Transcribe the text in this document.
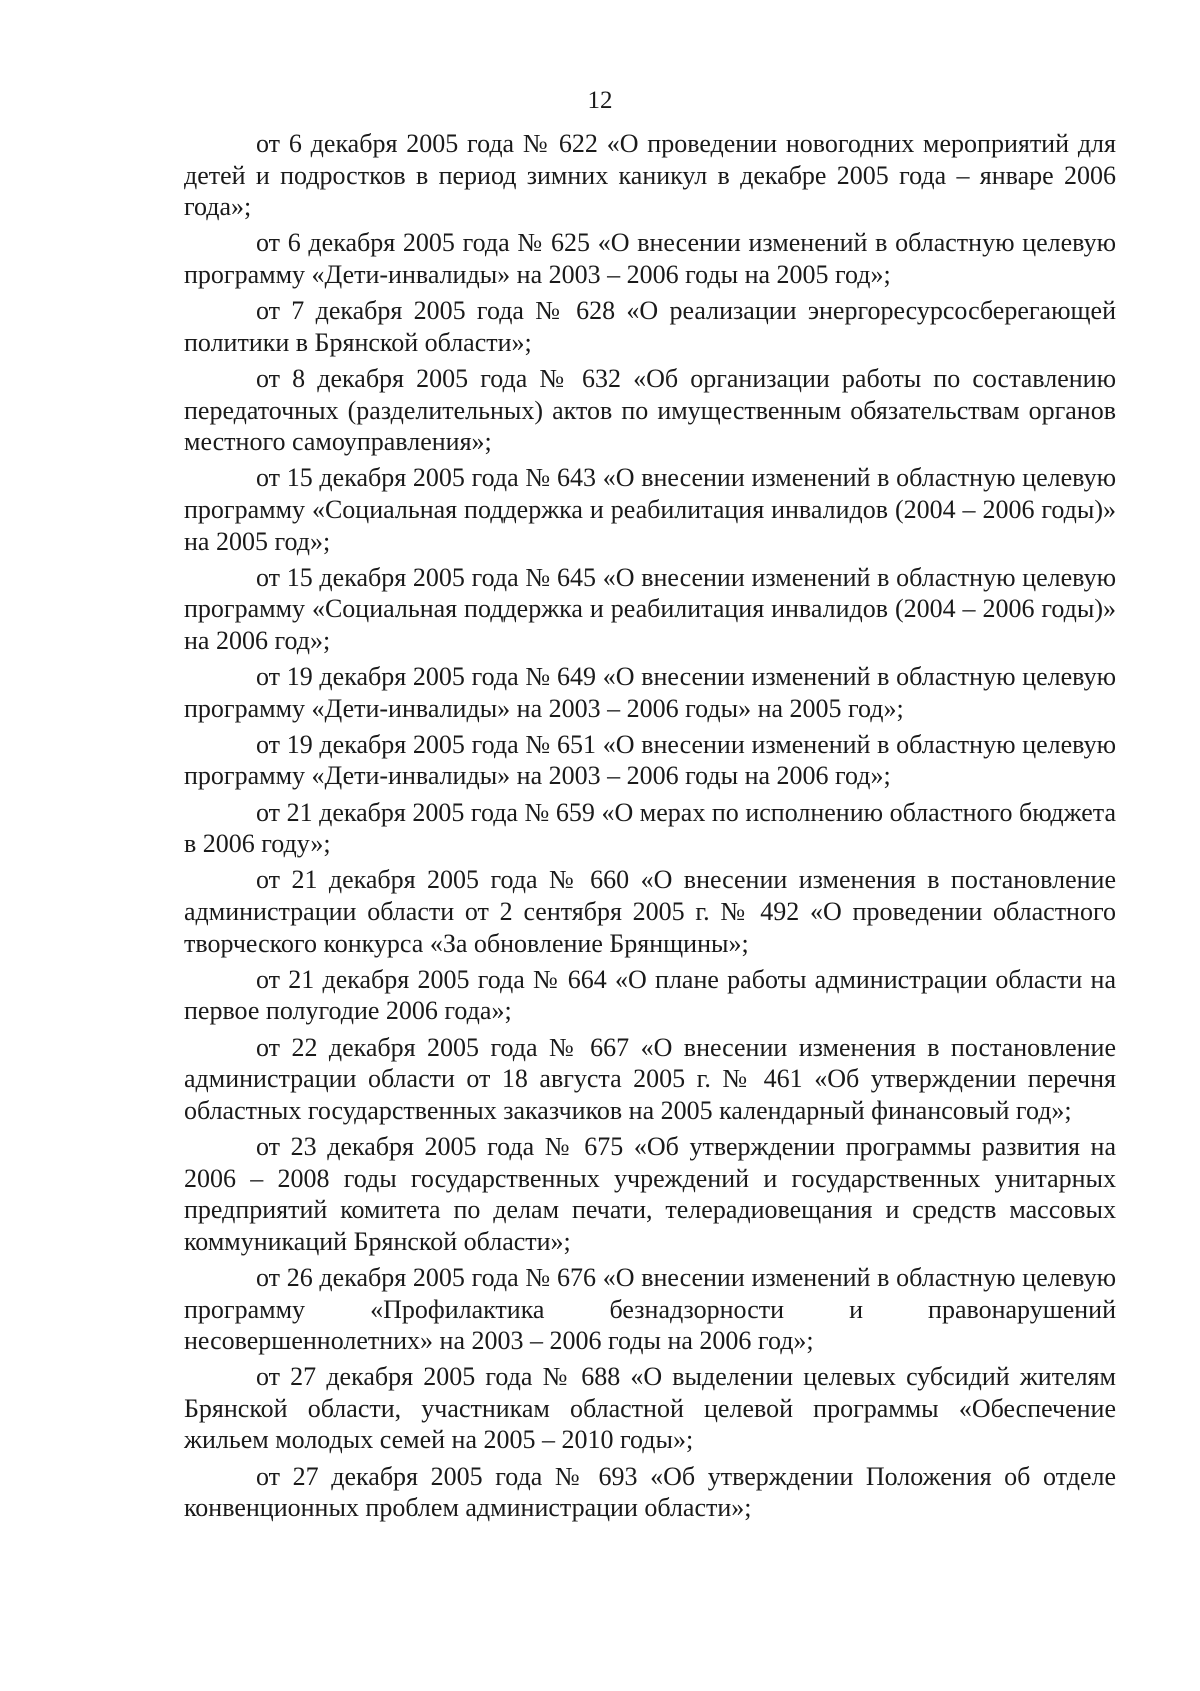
12

от 6 декабря 2005 года № 622 «О проведении новогодних мероприятий для детей и подростков в период зимних каникул в декабре 2005 года – январе 2006 года»;

от 6 декабря 2005 года № 625 «О внесении изменений в областную целевую программу «Дети-инвалиды» на 2003 – 2006 годы на 2005 год»;

от 7 декабря 2005 года № 628 «О реализации энергоресурсосберегающей политики в Брянской области»;

от 8 декабря 2005 года № 632 «Об организации работы по составлению передаточных (разделительных) актов по имущественным обязательствам органов местного самоуправления»;

от 15 декабря 2005 года № 643 «О внесении изменений в областную целевую программу «Социальная поддержка и реабилитация инвалидов (2004 – 2006 годы)» на 2005 год»;

от 15 декабря 2005 года № 645 «О внесении изменений в областную целевую программу «Социальная поддержка и реабилитация инвалидов (2004 – 2006 годы)» на 2006 год»;

от 19 декабря 2005 года № 649 «О внесении изменений в областную целевую программу «Дети-инвалиды» на 2003 – 2006 годы» на 2005 год»;

от 19 декабря 2005 года № 651 «О внесении изменений в областную целевую программу «Дети-инвалиды» на 2003 – 2006 годы на 2006 год»;

от 21 декабря 2005 года № 659 «О мерах по исполнению областного бюджета в 2006 году»;

от 21 декабря 2005 года № 660 «О внесении изменения в постановление администрации области от 2 сентября 2005 г. № 492 «О проведении областного творческого конкурса «За обновление Брянщины»;

от 21 декабря 2005 года № 664 «О плане работы администрации области на первое полугодие 2006 года»;

от 22 декабря 2005 года № 667 «О внесении изменения в постановление администрации области от 18 августа 2005 г. № 461 «Об утверждении перечня областных государственных заказчиков на 2005 календарный финансовый год»;

от 23 декабря 2005 года № 675 «Об утверждении программы развития на 2006 – 2008 годы государственных учреждений и государственных унитарных предприятий комитета по делам печати, телерадиовещания и средств массовых коммуникаций Брянской области»;

от 26 декабря 2005 года № 676 «О внесении изменений в областную целевую программу «Профилактика безнадзорности и правонарушений несовершеннолетних» на 2003 – 2006 годы на 2006 год»;

от 27 декабря 2005 года № 688 «О выделении целевых субсидий жителям Брянской области, участникам областной целевой программы «Обеспечение жильем молодых семей на 2005 – 2010 годы»;

от 27 декабря 2005 года № 693 «Об утверждении Положения об отделе конвенционных проблем администрации области»;
